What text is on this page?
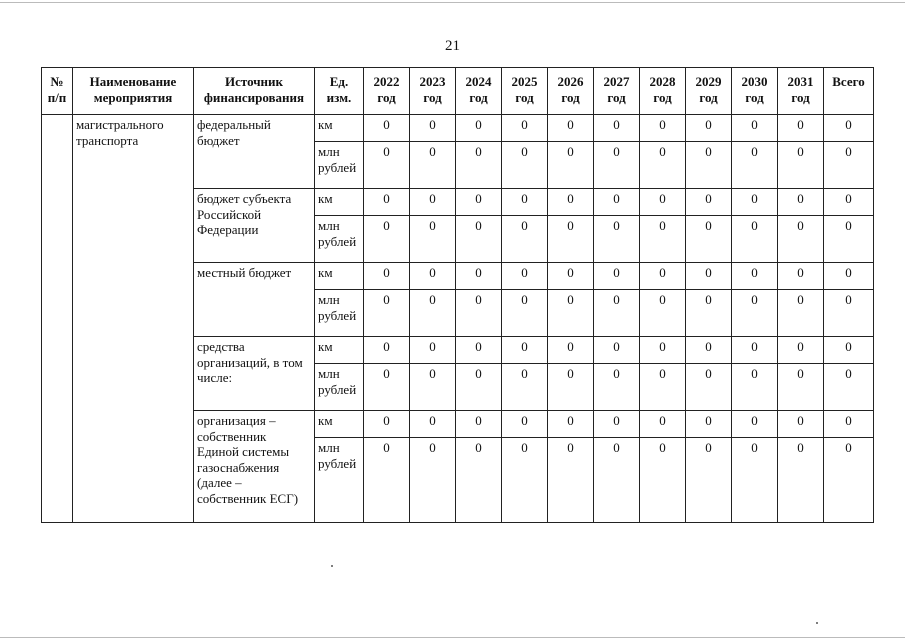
21
№ п/п	Наименование мероприятия	Источник финансирования	Ед. изм.	2022 год	2023 год	2024 год	2025 год	2026 год	2027 год	2028 год	2029 год	2030 год	2031 год	Всего
	магистрального транспорта	федеральный бюджет	км	0	0	0	0	0	0	0	0	0	0	0
			млн рублей	0	0	0	0	0	0	0	0	0	0	0
		бюджет субъекта Российской Федерации	км	0	0	0	0	0	0	0	0	0	0	0
			млн рублей	0	0	0	0	0	0	0	0	0	0	0
		местный бюджет	км	0	0	0	0	0	0	0	0	0	0	0
			млн рублей	0	0	0	0	0	0	0	0	0	0	0
		средства организаций, в том числе:	км	0	0	0	0	0	0	0	0	0	0	0
			млн рублей	0	0	0	0	0	0	0	0	0	0	0
		организация – собственник Единой системы газоснабжения (далее – собственник ЕСГ)	км	0	0	0	0	0	0	0	0	0	0	0
			млн рублей	0	0	0	0	0	0	0	0	0	0	0
